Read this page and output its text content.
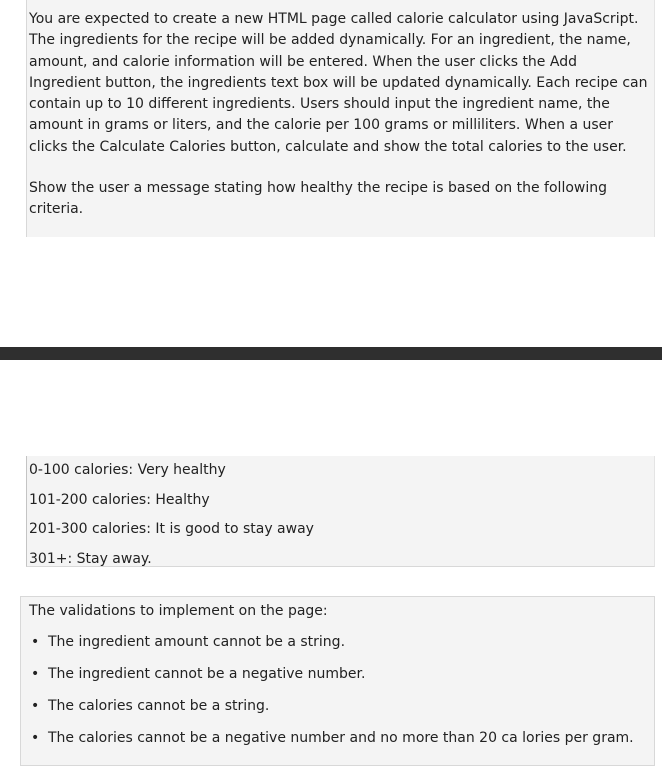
You are expected to create a new HTML page called calorie calculator using JavaScript.

The ingredients for the recipe will be added dynamically. For an ingredient, the name,

amount, and calorie information will be entered. When the user clicks the Add

Ingredient button, the ingredients text box will be updated dynamically. Each recipe can

contain up to 10 different ingredients. Users should input the ingredient name, the

amount in grams or liters, and the calorie per 100 grams or milliliters. When a user

clicks the Calculate Calories button, calculate and show the total calories to the user.

Show the user a message stating how healthy the recipe is based on the following

criteria.

0-100 calories: Very healthy
101-200 calories: Healthy
201-300 calories: It is good to stay away
301+: Stay away.
The validations to implement on the page:
• The ingredient amount cannot be a string.
• The ingredient cannot be a negative number.
• The calories cannot be a string.
• The calories cannot be a negative number and no more than 20 ca lories per gram.
